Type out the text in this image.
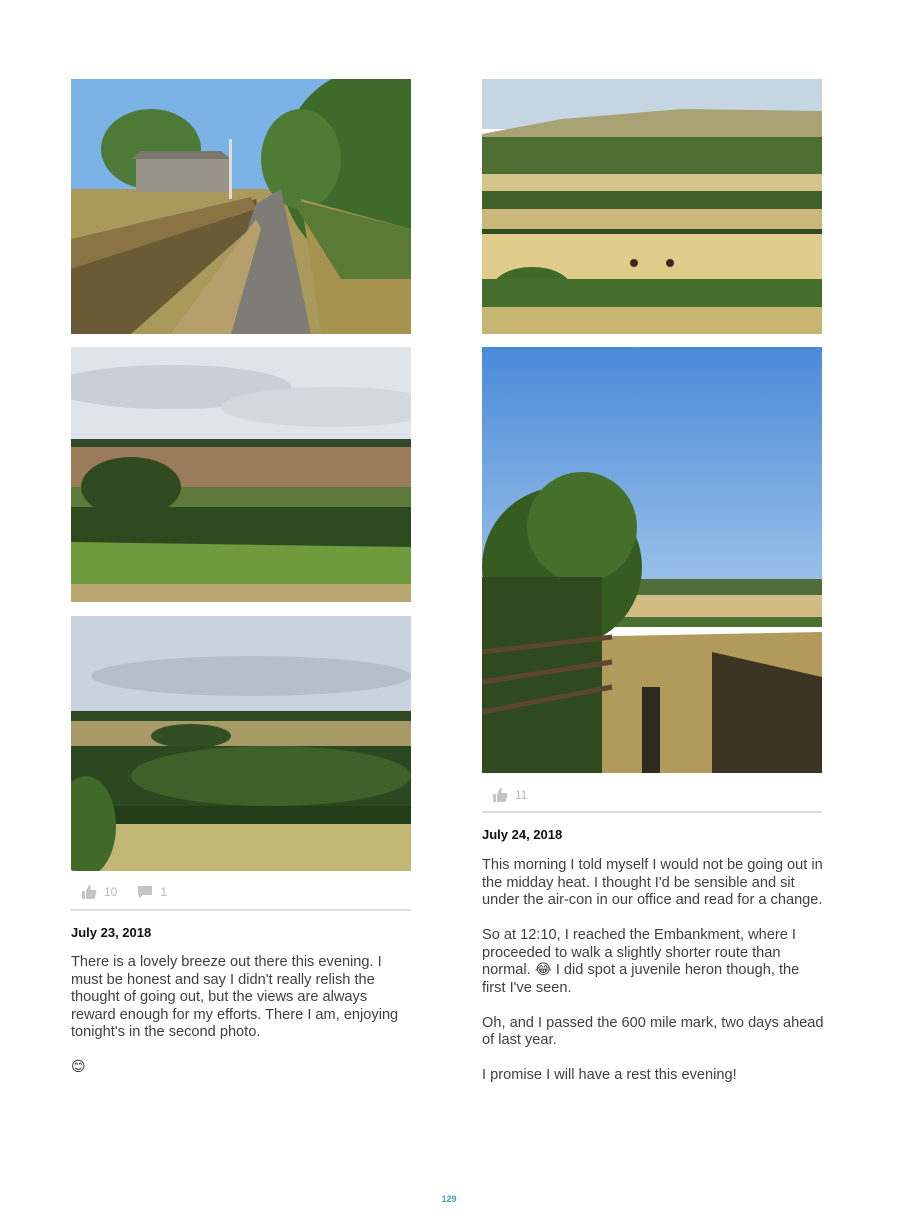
10	1
July 23, 2018
There is a lovely breeze out there this evening. I must be honest and say I didn't really relish the thought of going out, but the views are always reward enough for my efforts. There I am, enjoying tonight's in the second photo.
😊
11
July 24, 2018

This morning I told myself I would not be going out in the midday heat. I thought I'd be sensible and sit under the air-con in our office and read for a change.

So at 12:10, I reached the Embankment, where I proceeded to walk a slightly shorter route than normal. 😂 I did spot a juvenile heron though, the first I've seen.

Oh, and I passed the 600 mile mark, two days ahead of last year.

I promise I will have a rest this evening!

129
